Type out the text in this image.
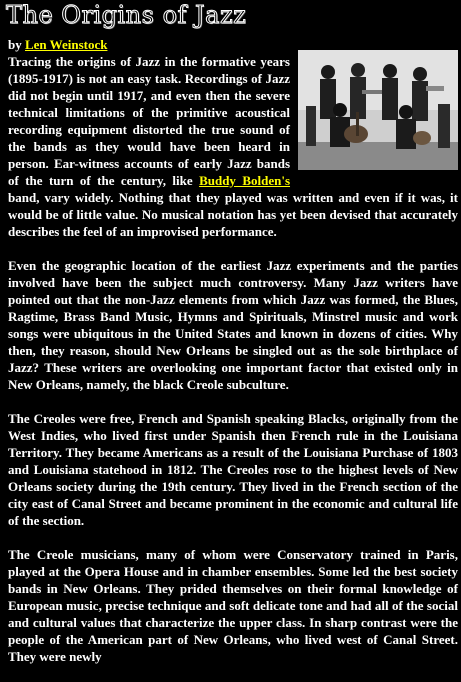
The Origins of Jazz

by Len Weinstock

Tracing the origins of Jazz in the formative years (1895-1917) is not an easy task. Recordings of Jazz did not begin until 1917, and even then the severe technical limitations of the primitive acoustical recording equipment distorted the true sound of the bands as they would have been heard in person. Ear-witness accounts of early Jazz bands of the turn of the century, like Buddy Bolden's band, vary widely. Nothing that they played was written and even if it was, it would be of little value. No musical notation has yet been devised that accurately describes the feel of an improvised performance.

Even the geographic location of the earliest Jazz experiments and the parties involved have been the subject much controversy. Many Jazz writers have pointed out that the non-Jazz elements from which Jazz was formed, the Blues, Ragtime, Brass Band Music, Hymns and Spirituals, Minstrel music and work songs were ubiquitous in the United States and known in dozens of cities. Why then, they reason, should New Orleans be singled out as the sole birthplace of Jazz? These writers are overlooking one important factor that existed only in New Orleans, namely, the black Creole subculture.

The Creoles were free, French and Spanish speaking Blacks, originally from the West Indies, who lived first under Spanish then French rule in the Louisiana Territory. They became Americans as a result of the Louisiana Purchase of 1803 and Louisiana statehood in 1812. The Creoles rose to the highest levels of New Orleans society during the 19th century. They lived in the French section of the city east of Canal Street and became prominent in the economic and cultural life of the section.

The Creole musicians, many of whom were Conservatory trained in Paris, played at the Opera House and in chamber ensembles. Some led the best society bands in New Orleans. They prided themselves on their formal knowledge of European music, precise technique and soft delicate tone and had all of the social and cultural values that characterize the upper class. In sharp contrast were the people of the American part of New Orleans, who lived west of Canal Street. They were newly
